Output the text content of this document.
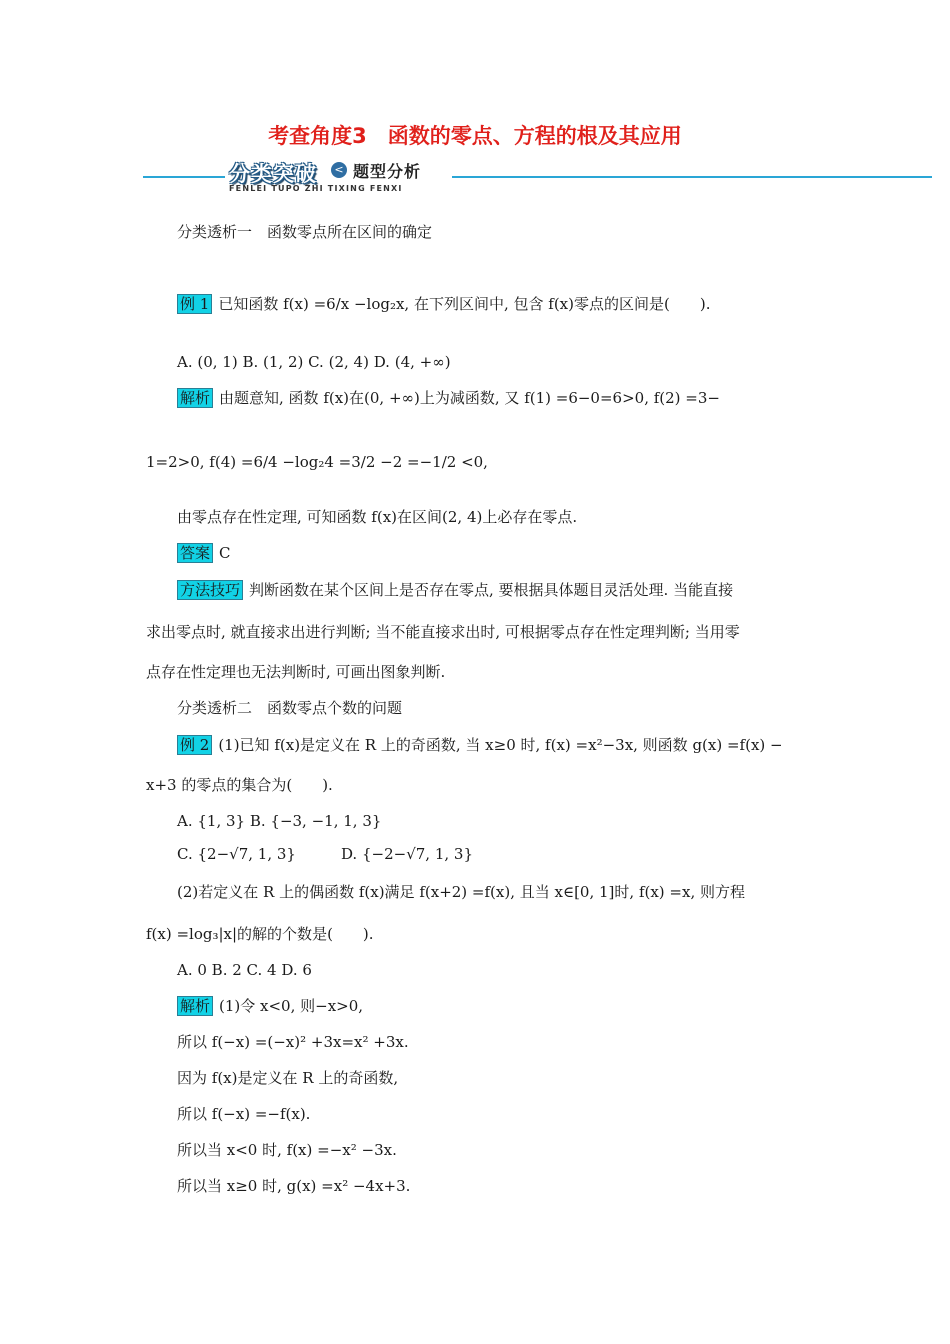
考查角度3　函数的零点、方程的根及其应用
分类突破	< 题型分析
FENLEI TUPO ZHI TIXING FENXI
分类透析一　函数零点所在区间的确定
例 1 已知函数 f(x) =6/x −log₂x, 在下列区间中, 包含 f(x)零点的区间是(　　).
A. (0, 1) B. (1, 2) C. (2, 4) D. (4, +∞)
解析 由题意知, 函数 f(x)在(0, +∞)上为减函数, 又 f(1) =6−0=6>0, f(2) =3−
1=2>0, f(4) =6/4 −log₂4 =3/2 −2 =−1/2 <0,
由零点存在性定理, 可知函数 f(x)在区间(2, 4)上必存在零点.
答案 C
方法技巧 判断函数在某个区间上是否存在零点, 要根据具体题目灵活处理. 当能直接
求出零点时, 就直接求出进行判断; 当不能直接求出时, 可根据零点存在性定理判断; 当用零
点存在性定理也无法判断时, 可画出图象判断.
分类透析二　函数零点个数的问题
例 2 (1)已知 f(x)是定义在 R 上的奇函数, 当 x≥0 时, f(x) =x²−3x, 则函数 g(x) =f(x) −
x+3 的零点的集合为(　　).
A. {1, 3} B. {−3, −1, 1, 3}
C. {2−√7, 1, 3}　　　D. {−2−√7, 1, 3}
(2)若定义在 R 上的偶函数 f(x)满足 f(x+2) =f(x), 且当 x∈[0, 1]时, f(x) =x, 则方程
f(x) =log₃|x|的解的个数是(　　).
A. 0 B. 2 C. 4 D. 6
解析 (1)令 x<0, 则−x>0,
所以 f(−x) =(−x)² +3x=x² +3x.
因为 f(x)是定义在 R 上的奇函数,
所以 f(−x) =−f(x).
所以当 x<0 时, f(x) =−x² −3x.
所以当 x≥0 时, g(x) =x² −4x+3.
